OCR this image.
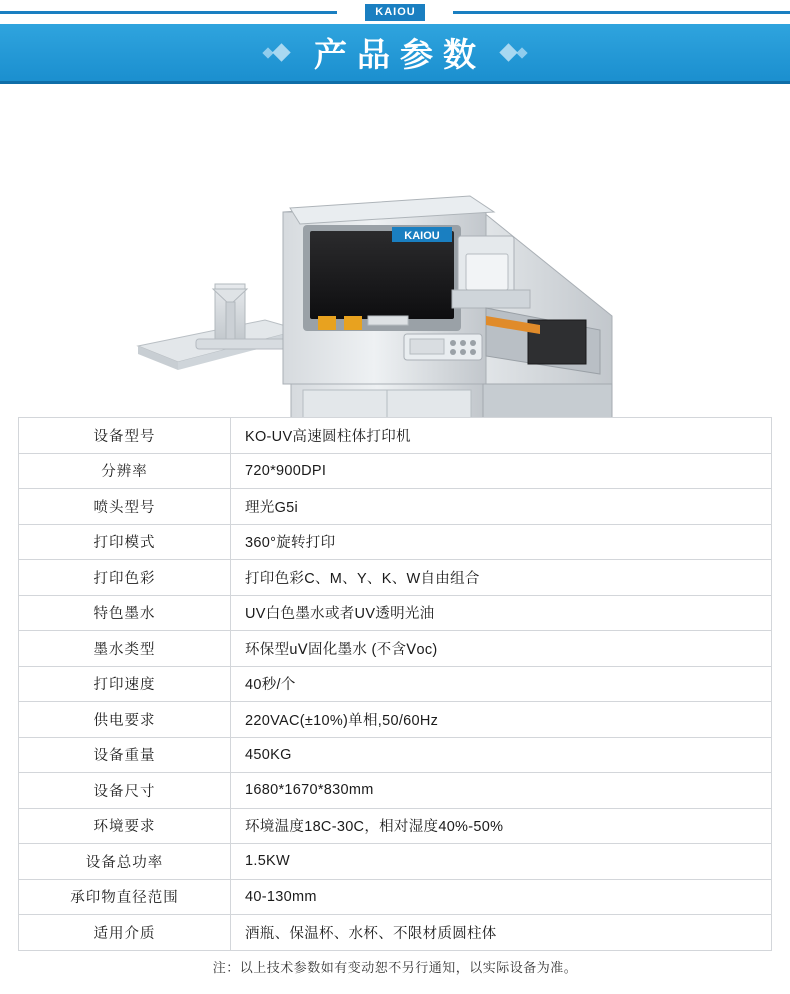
KAIOU
产品参数
KAIOU
设备型号	KO-UV高速圆柱体打印机
分辨率	720*900DPI
喷头型号	理光G5i
打印模式	360°旋转打印
打印色彩	打印色彩C、M、Y、K、W自由组合
特色墨水	UV白色墨水或者UV透明光油
墨水类型	环保型uⅤ固化墨水 (不含Ⅴoc)
打印速度	40秒/个
供电要求	220VAC(±10%)单相,50/60Hz
设备重量	450KG
设备尺寸	1680*1670*830mm
环境要求	环境温度18C-30C，相对湿度40%-50%
设备总功率	1.5KW
承印物直径范围	40-130mm
适用介质	酒瓶、保温杯、水杯、不限材质圆柱体
注：以上技术参数如有变动恕不另行通知，以实际设备为准。
